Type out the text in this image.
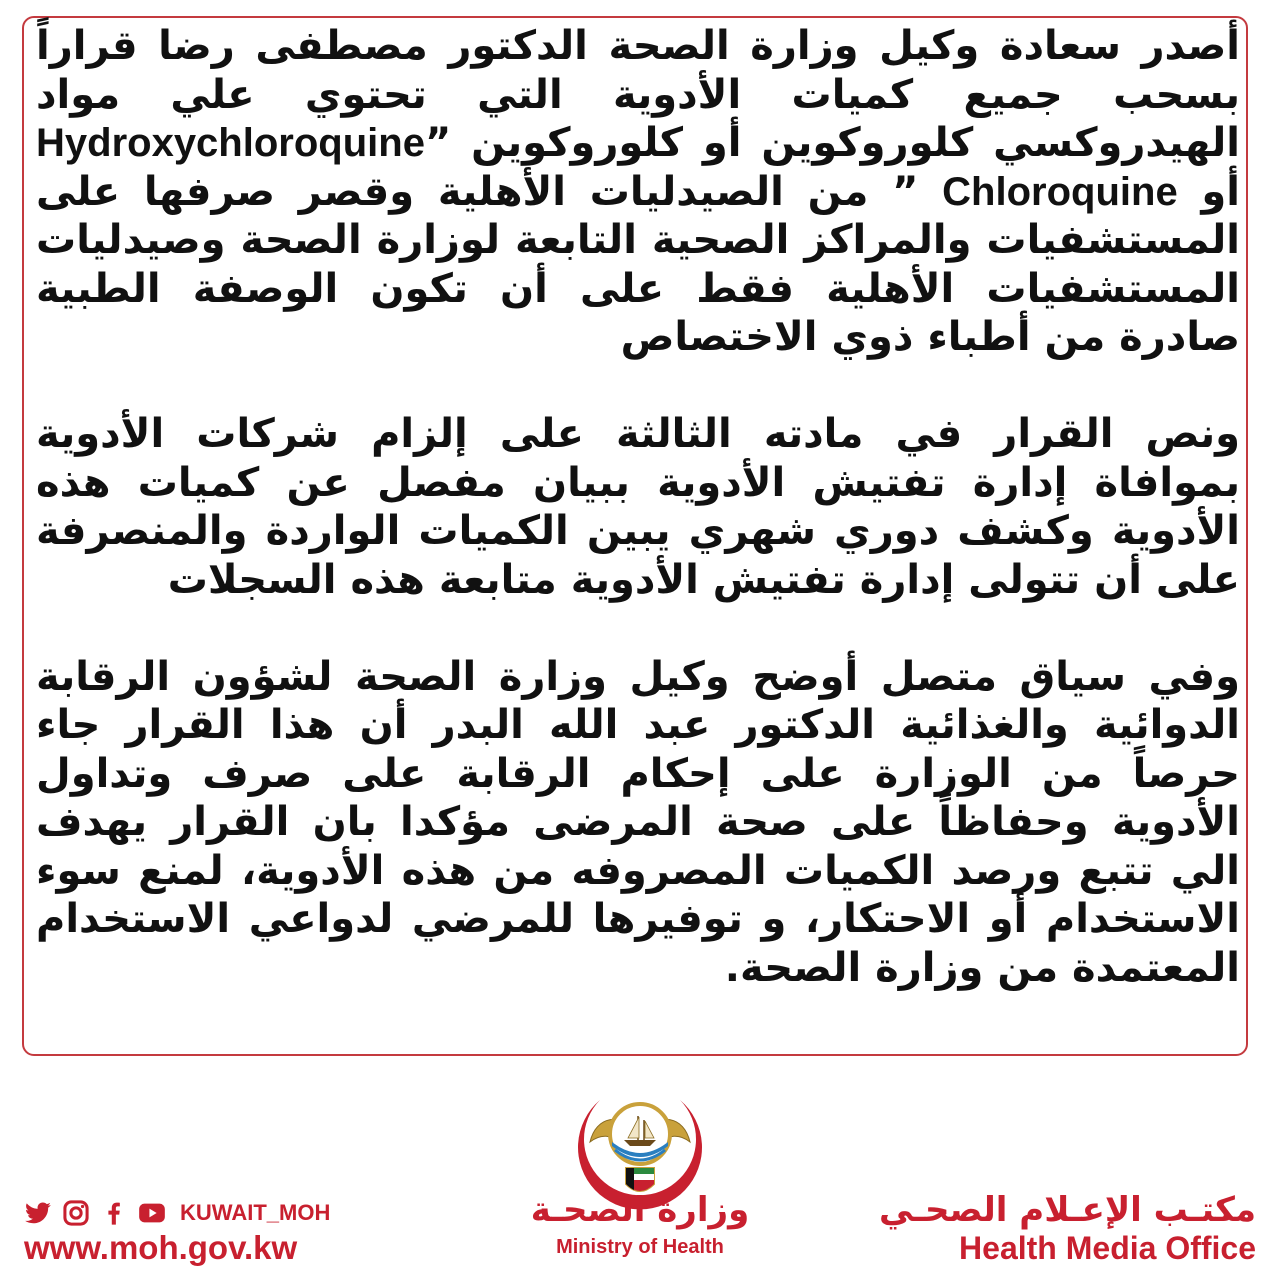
أصدر سعادة وكيل وزارة الصحة الدكتور مصطفى رضا قراراً بسحب جميع كميات الأدوية التي تحتوي علي مواد الهيدروكسي كلوروكوين أو كلوروكوين ”Hydroxychloroquine أو Chloroquine ” من الصيدليات الأهلية وقصر صرفها على المستشفيات والمراكز الصحية التابعة لوزارة الصحة وصيدليات المستشفيات الأهلية فقط على أن تكون الوصفة الطبية صادرة من أطباء ذوي الاختصاص

ونص القرار في مادته الثالثة على إلزام شركات الأدوية بموافاة إدارة تفتيش الأدوية ببيان مفصل عن كميات هذه الأدوية وكشف دوري شهري يبين الكميات الواردة والمنصرفة على أن تتولى إدارة تفتيش الأدوية متابعة هذه السجلات

وفي سياق متصل أوضح وكيل وزارة الصحة لشؤون الرقابة الدوائية والغذائية الدكتور عبد الله البدر أن هذا القرار جاء حرصاً من الوزارة على إحكام الرقابة على صرف وتداول الأدوية وحفاظاً على صحة المرضى مؤكدا بان القرار يهدف الي تتبع ورصد الكميات المصروفه من هذه الأدوية، لمنع سوء الاستخدام أو الاحتكار، و توفيرها للمرضي لدواعي الاستخدام المعتمدة من وزارة الصحة.

وزارة الصحـة
Ministry of Health
KUWAIT_MOH
www.moh.gov.kw
مكتـب الإعـلام الصحـي
Health Media Office
